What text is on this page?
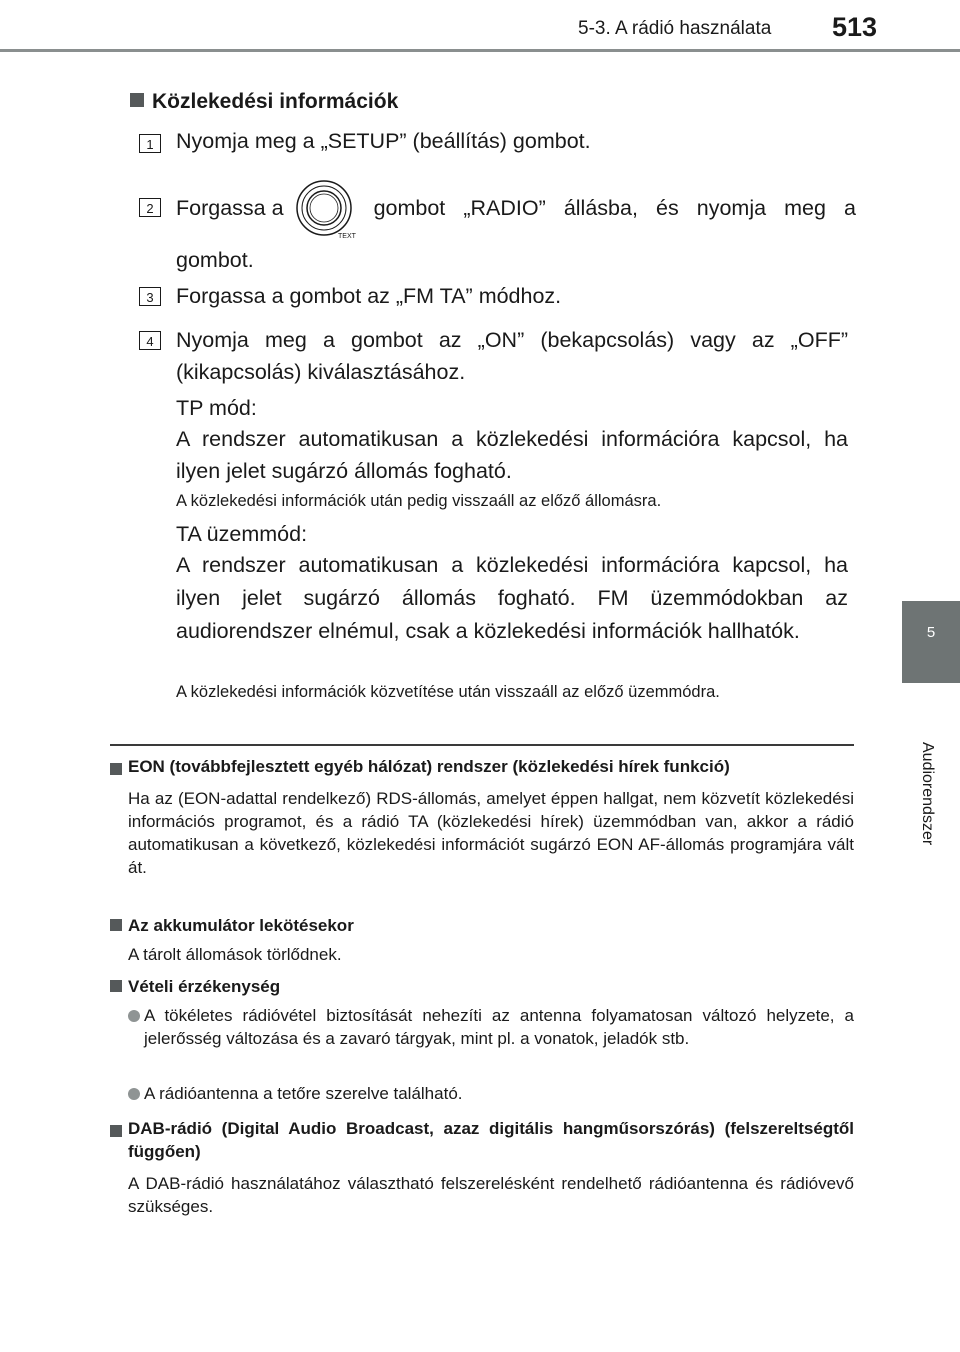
5-3. A rádió használata 513
5
Audiorendszer
Közlekedési információk
1	Nyomja meg a „SETUP” (beállítás) gombot.
2	Forgassa a
TEXT
gombot „RADIO” állásba, és nyomja meg a
gombot.
3	Forgassa a gombot az „FM TA” módhoz.
4	Nyomja meg a gombot az „ON” (bekapcsolás) vagy az „OFF” (kikapcsolás) kiválasztásához.
TP mód:
A rendszer automatikusan a közlekedési információra kapcsol, ha ilyen jelet sugárzó állomás fogható.
A közlekedési információk után pedig visszaáll az előző állomásra.
TA üzemmód:
A rendszer automatikusan a közlekedési információra kapcsol, ha ilyen jelet sugárzó állomás fogható. FM üzemmódokban az audiorendszer elnémul, csak a közlekedési információk hallhatók.
A közlekedési információk közvetítése után visszaáll az előző üzemmódra.
EON (továbbfejlesztett egyéb hálózat) rendszer (közlekedési hírek funkció)
Ha az (EON-adattal rendelkező) RDS-állomás, amelyet éppen hallgat, nem közvetít közlekedési információs programot, és a rádió TA (közlekedési hírek) üzemmódban van, akkor a rádió automatikusan a következő, közlekedési információt sugárzó EON AF-állomás programjára vált át.
Az akkumulátor lekötésekor
A tárolt állomások törlődnek.
Vételi érzékenység
A tökéletes rádióvétel biztosítását nehezíti az antenna folyamatosan változó helyzete, a jelerősség változása és a zavaró tárgyak, mint pl. a vonatok, jeladók stb.
A rádióantenna a tetőre szerelve található.
DAB-rádió (Digital Audio Broadcast, azaz digitális hangműsorszórás) (felszereltségtől függően)
A DAB-rádió használatához választható felszerelésként rendelhető rádióantenna és rádióvevő szükséges.
